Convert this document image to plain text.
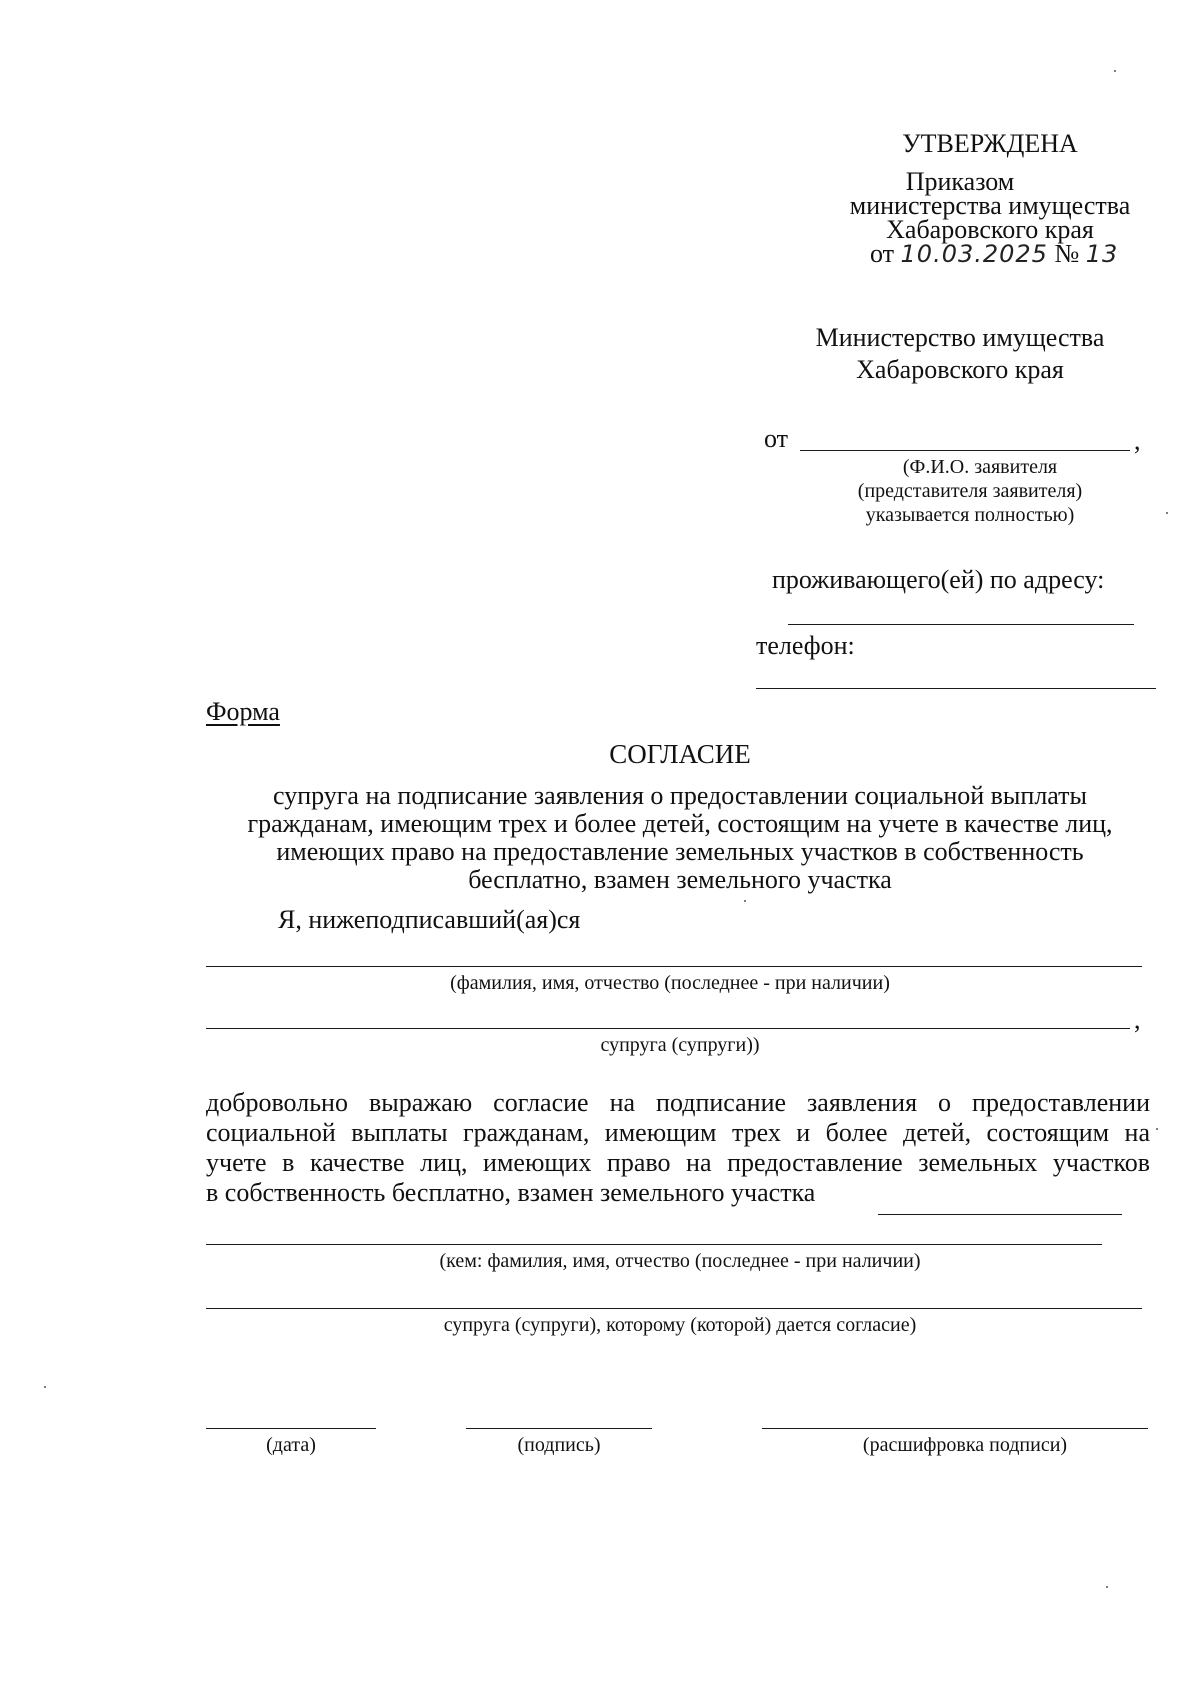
УТВЕРЖДЕНА
Приказом
министерства имущества
Хабаровского края
от 10.03.2025 № 13
Министерство имущества
Хабаровского края
от	,
(Ф.И.О. заявителя
(представителя заявителя)
указывается полностью)
проживающего(ей) по адресу:
телефон:
Форма
СОГЛАСИЕ
супруга на подписание заявления о предоставлении социальной выплаты
гражданам, имеющим трех и более детей, состоящим на учете в качестве лиц,
имеющих право на предоставление земельных участков в собственность
бесплатно, взамен земельного участка
Я, нижеподписавший(ая)ся
(фамилия, имя, отчество (последнее - при наличии)
,
супруга (супруги))

добровольно выражаю согласие на подписание заявления о предоставлении

социальной выплаты гражданам, имеющим трех и более детей, состоящим на

учете в качестве лиц, имеющих право на предоставление земельных участков

в собственность бесплатно, взамен земельного участка

(кем: фамилия, имя, отчество (последнее - при наличии)
супруга (супруги), которому (которой) дается согласие)
(дата)	(подпись)	(расшифровка подписи)
